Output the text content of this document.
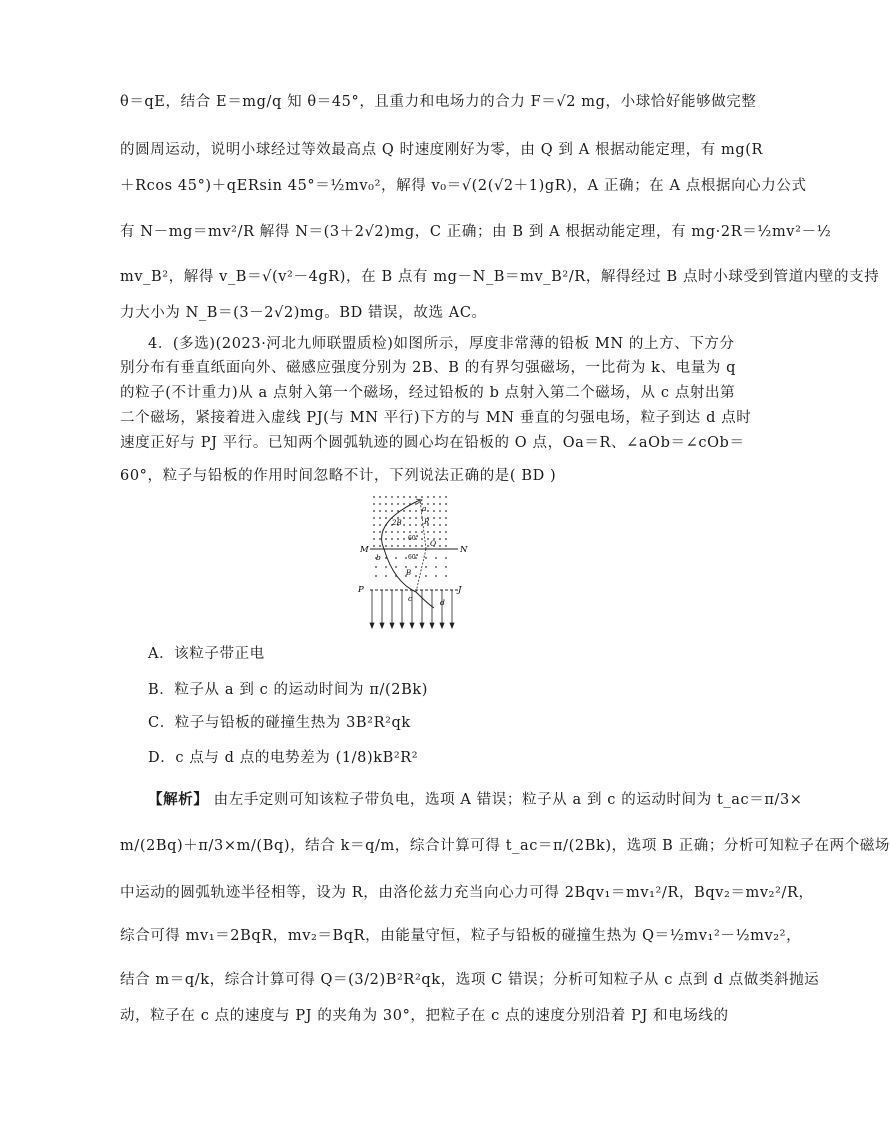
θ＝qE，结合 E＝mg/q 知 θ＝45°，且重力和电场力的合力 F＝√2 mg，小球恰好能够做完整
的圆周运动，说明小球经过等效最高点 Q 时速度刚好为零，由 Q 到 A 根据动能定理，有 mg(R
＋Rcos 45°)＋qERsin 45°＝½mv₀²，解得 v₀＝√(2(√2＋1)gR)，A 正确；在 A 点根据向心力公式
有 N－mg＝mv²/R 解得 N＝(3＋2√2)mg，C 正确；由 B 到 A 根据动能定理，有 mg·2R＝½mv²－½
mv_B²，解得 v_B＝√(v²－4gR)，在 B 点有 mg－N_B＝mv_B²/R，解得经过 B 点时小球受到管道内壁的支持
力大小为 N_B＝(3－2√2)mg。BD 错误，故选 AC。
4．(多选)(2023·河北九师联盟质检)如图所示，厚度非常薄的铅板 MN 的上方、下方分
别分布有垂直纸面向外、磁感应强度分别为 2B、B 的有界匀强磁场，一比荷为 k、电量为 q
的粒子(不计重力)从 a 点射入第一个磁场，经过铅板的 b 点射入第二个磁场，从 c 点射出第
二个磁场，紧接着进入虚线 PJ(与 MN 平行)下方的与 MN 垂直的匀强电场，粒子到达 d 点时
速度正好与 PJ 平行。已知两个圆弧轨迹的圆心均在铅板的 O 点，Oa＝R、∠aOb＝∠cOb＝
60°，粒子与铅板的作用时间忽略不计，下列说法正确的是( BD )
M	N
P	J
a
b
c	d
O
2B
B
60°
60°
R
A．该粒子带正电
B．粒子从 a 到 c 的运动时间为 π/(2Bk)
C．粒子与铅板的碰撞生热为 3B²R²qk
D．c 点与 d 点的电势差为 (1/8)kB²R²
【解析】 由左手定则可知该粒子带负电，选项 A 错误；粒子从 a 到 c 的运动时间为 t_ac＝π/3×
m/(2Bq)＋π/3×m/(Bq)，结合 k＝q/m，综合计算可得 t_ac＝π/(2Bk)，选项 B 正确；分析可知粒子在两个磁场
中运动的圆弧轨迹半径相等，设为 R，由洛伦兹力充当向心力可得 2Bqv₁＝mv₁²/R，Bqv₂＝mv₂²/R，
综合可得 mv₁＝2BqR，mv₂＝BqR，由能量守恒，粒子与铅板的碰撞生热为 Q＝½mv₁²－½mv₂²，
结合 m＝q/k，综合计算可得 Q＝(3/2)B²R²qk，选项 C 错误；分析可知粒子从 c 点到 d 点做类斜抛运
动，粒子在 c 点的速度与 PJ 的夹角为 30°，把粒子在 c 点的速度分别沿着 PJ 和电场线的
